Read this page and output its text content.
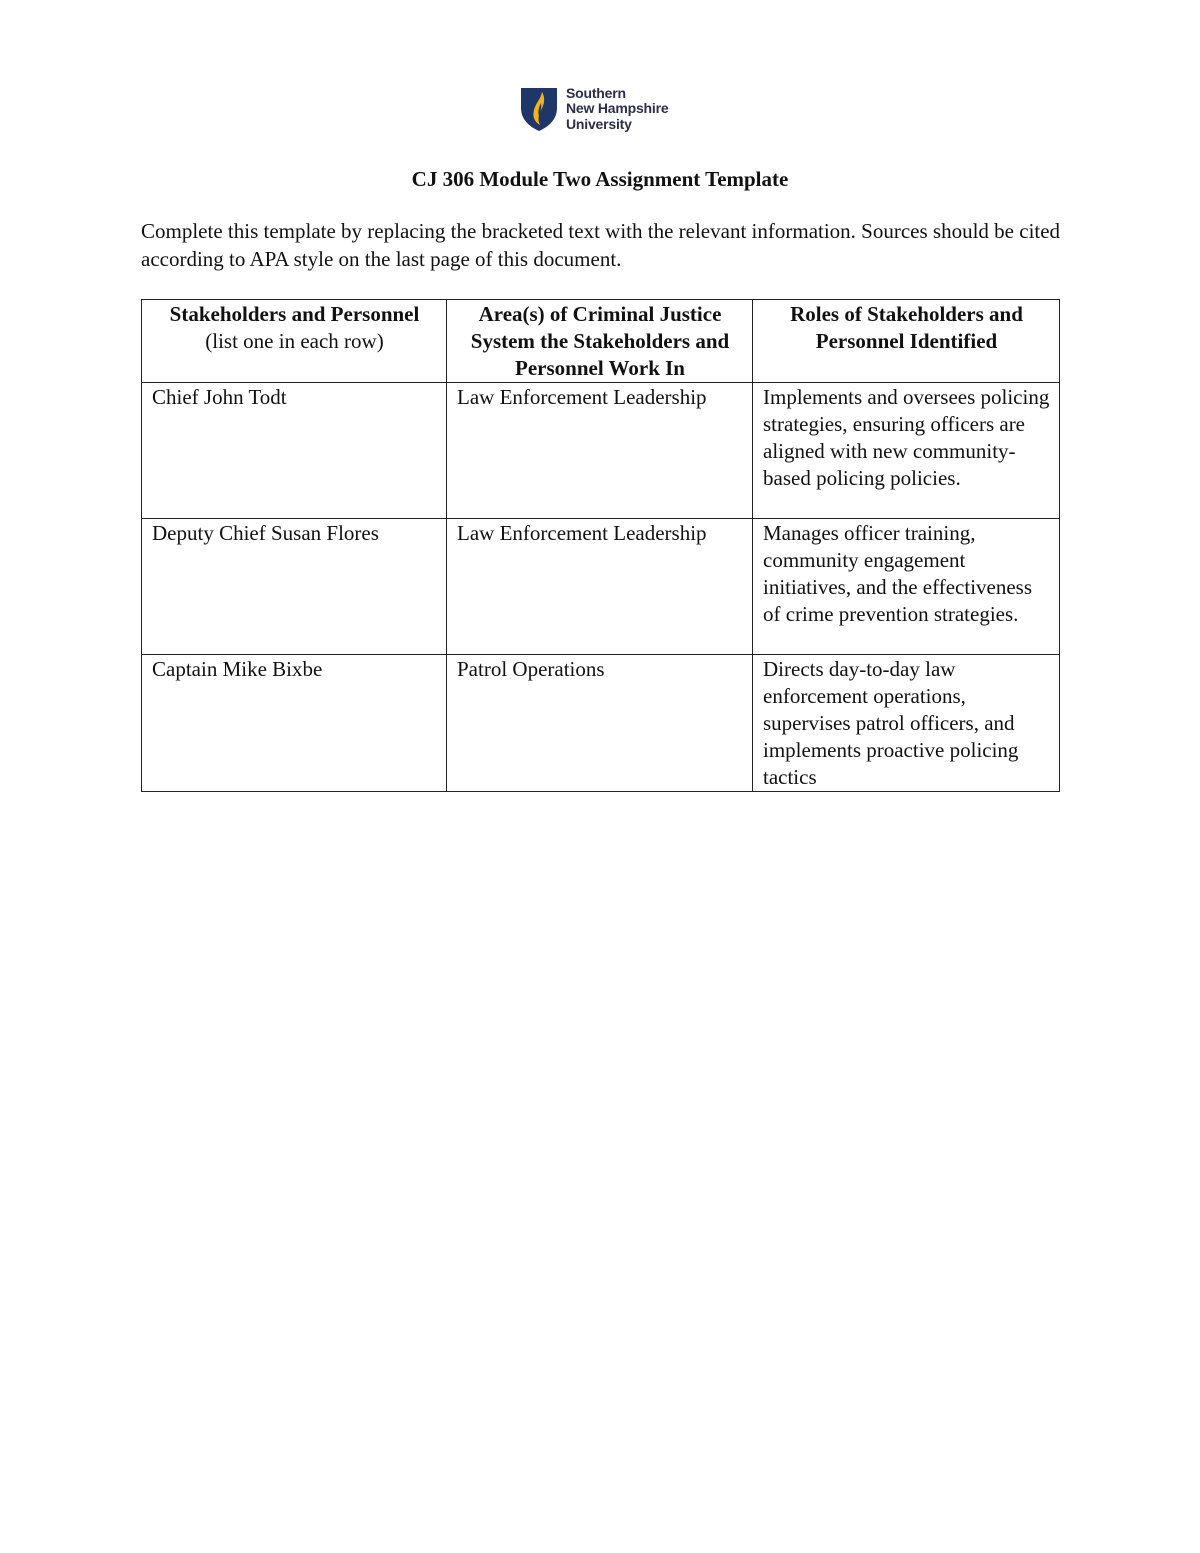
Southern
New Hampshire
University
CJ 306 Module Two Assignment Template
Complete this template by replacing the bracketed text with the relevant information. Sources should be cited according to APA style on the last page of this document.
Stakeholders and Personnel
(list one in each row)	Area(s) of Criminal Justice System the Stakeholders and Personnel Work In	Roles of Stakeholders and Personnel Identified
Chief John Todt	Law Enforcement Leadership	Implements and oversees policing strategies, ensuring officers are aligned with new community-based policing policies.
Deputy Chief Susan Flores	Law Enforcement Leadership	Manages officer training, community engagement initiatives, and the effectiveness of crime prevention strategies.
Captain Mike Bixbe	Patrol Operations	Directs day-to-day law enforcement operations, supervises patrol officers, and implements proactive policing tactics
